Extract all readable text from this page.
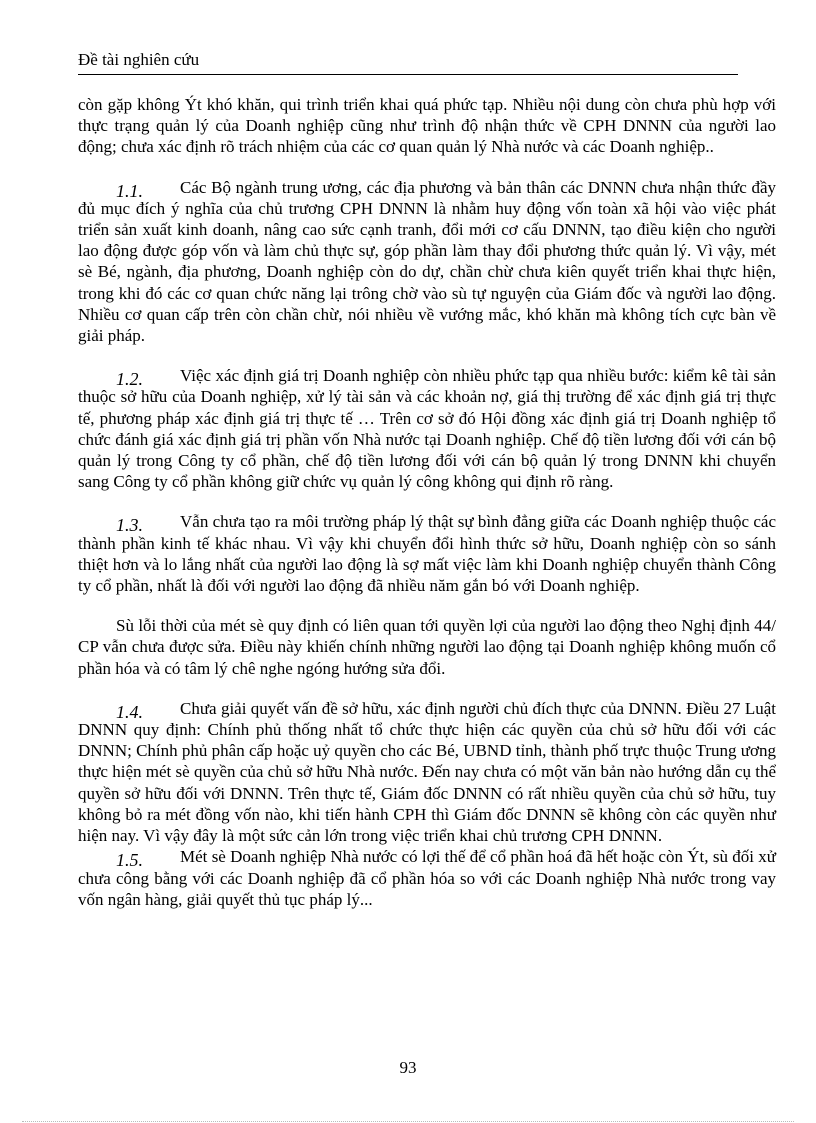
Đề tài nghiên cứu

còn gặp không Ýt khó khăn, qui trình triển khai quá phức tạp. Nhiều nội dung còn chưa phù hợp với thực trạng quản lý của Doanh nghiệp cũng như trình độ nhận thức về CPH DNNN của người lao động; chưa xác định rõ trách nhiệm của các cơ quan quản lý Nhà nước và các Doanh nghiệp..

1.1. Các Bộ ngành trung ương, các địa phương và bản thân các DNNN chưa nhận thức đầy đủ mục đích ý nghĩa của chủ trương CPH DNNN là nhằm huy động vốn toàn xã hội vào việc phát triển sản xuất kinh doanh, nâng cao sức cạnh tranh, đổi mới cơ cấu DNNN, tạo điều kiện cho người lao động được góp vốn và làm chủ thực sự, góp phần làm thay đổi phương thức quản lý. Vì vậy, mét sè Bé, ngành, địa phương, Doanh nghiệp còn do dự, chần chừ chưa kiên quyết triển khai thực hiện, trong khi đó các cơ quan chức năng lại trông chờ vào sù tự nguyện của Giám đốc và người lao động. Nhiều cơ quan cấp trên còn chần chừ, nói nhiều về vướng mắc, khó khăn mà không tích cực bàn về giải pháp.

1.2. Việc xác định giá trị Doanh nghiệp còn nhiều phức tạp qua nhiều bước: kiểm kê tài sản thuộc sở hữu của Doanh nghiệp, xử lý tài sản và các khoản nợ, giá thị trường để xác định giá trị thực tế, phương pháp xác định giá trị thực tế … Trên cơ sở đó Hội đồng xác định giá trị Doanh nghiệp tổ chức đánh giá xác định giá trị phần vốn Nhà nước tại Doanh nghiệp. Chế độ tiền lương đối với cán bộ quản lý trong Công ty cổ phần, chế độ tiền lương đối với cán bộ quản lý trong DNNN khi chuyển sang Công ty cổ phần không giữ chức vụ quản lý công không qui định rõ ràng.

1.3. Vẫn chưa tạo ra môi trường pháp lý thật sự bình đẳng giữa các Doanh nghiệp thuộc các thành phần kinh tế khác nhau. Vì vậy khi chuyển đổi hình thức sở hữu, Doanh nghiệp còn so sánh thiệt hơn và lo lắng nhất của người lao động là sợ mất việc làm khi Doanh nghiệp chuyển thành Công ty cổ phần, nhất là đối với người lao động đã nhiều năm gắn bó với Doanh nghiệp.

Sù lỗi thời của mét sè quy định có liên quan tới quyền lợi của người lao động theo Nghị định 44/ CP vẫn chưa được sửa. Điều này khiến chính những người lao động tại Doanh nghiệp không muốn cổ phần hóa và có tâm lý chê nghe ngóng hướng sửa đổi.

1.4. Chưa giải quyết vấn đề sở hữu, xác định người chủ đích thực của DNNN. Điều 27 Luật DNNN quy định: Chính phủ thống nhất tổ chức thực hiện các quyền của chủ sở hữu đối với các DNNN; Chính phủ phân cấp hoặc uỷ quyền cho các Bé, UBND tỉnh, thành phố trực thuộc Trung ương thực hiện mét sè quyền của chủ sở hữu Nhà nước. Đến nay chưa có một văn bản nào hướng dẫn cụ thể quyền sở hữu đối với DNNN. Trên thực tế, Giám đốc DNNN có rất nhiều quyền của chủ sở hữu, tuy không bỏ ra mét đồng vốn nào, khi tiến hành CPH thì Giám đốc DNNN sẽ không còn các quyền như hiện nay. Vì vậy đây là một sức cản lớn trong việc triển khai chủ trương CPH DNNN.

1.5. Mét sè Doanh nghiệp Nhà nước có lợi thế để cổ phần hoá đã hết hoặc còn Ýt, sù đối xử chưa công bằng với các Doanh nghiệp đã cổ phần hóa so với các Doanh nghiệp Nhà nước trong vay vốn ngân hàng, giải quyết thủ tục pháp lý...

93
